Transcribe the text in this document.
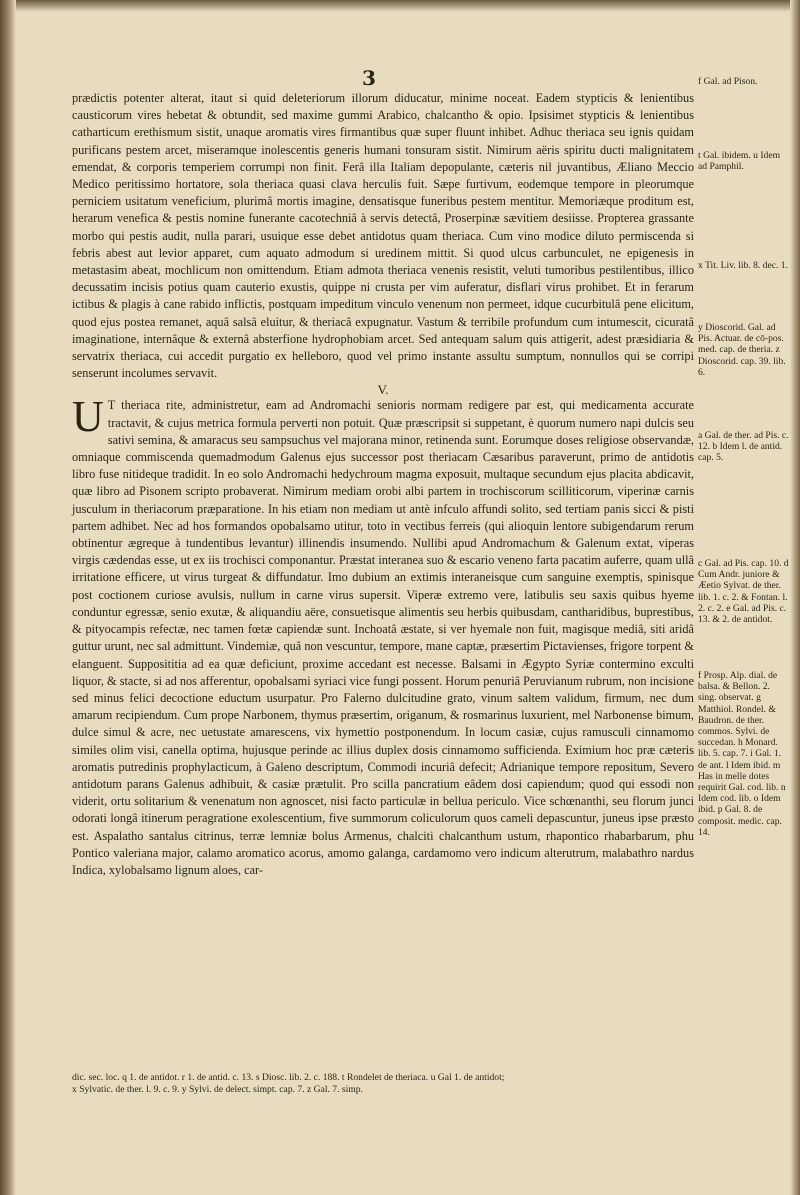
3

prædictis potenter alterat, itaut si quid deleteriorum illorum diducatur, minime noceat. Eadem stypticis & lenientibus causticorum vires hebetat & obtundit, sed maxime gummi Arabico, chalcantho & opio. Ipsisimet stypticis & lenientibus catharticum erethismum sistit, unaque aromatis vires firmantibus quæ super fluunt inhibet. Adhuc theriaca seu ignis quidam purificans pestem arcet, miseramque inolescentis generis humani tonsuram sistit. Nimirum aëris spiritu ducti malignitatem emendat, & corporis temperiem corrumpi non finit. Ferâ illa Italiam depopulante, cæteris nil juvantibus, Æliano Meccio Medico peritissimo hortatore, sola theriaca quasi clava herculis fuit. Sæpe furtivum, eodemque tempore in pleorumque perniciem usitatum veneficium, plurimâ mortis imagine, densatisque funeribus pestem mentitur. Memoriæque proditum est, herarum venefica & pestis nomine funerante cacotechniâ à servis detectâ, Proserpinæ sævitiem desiisse. Propterea grassante morbo qui pestis audit, nulla parari, usuique esse debet antidotus quam theriaca. Cum vino modice diluto permiscenda si febris abest aut levior apparet, cum aquato admodum si uredinem mittit. Si quod ulcus carbunculet, ne epigenesis in metastasim abeat, mochlicum non omittendum. Etiam admota theriaca venenis resistit, veluti tumoribus pestilentibus, illico decussatim incisis potius quam cauterio exustis, quippe ni crusta per vim auferatur, disflari virus prohibet. Et in ferarum ictibus & plagis à cane rabido inflictis, postquam impeditum vinculo venenum non permeet, idque cucurbitulâ pene elicitum, quod ejus postea remanet, aquâ salsâ eluitur, & theriacâ expugnatur. Vastum & terribile profundum cum intumescit, cicuratâ imaginatione, internâque & externâ absterfione hydrophobiam arcet. Sed antequam salum quis attigerit, adest præsidiaria & servatrix theriaca, cui accedit purgatio ex helleboro, quod vel primo instante assultu sumptum, nonnullos qui se corripi senserunt incolumes servavit.

V.

U T theriaca rite, administretur, eam ad Andromachi senioris normam redigere par est, qui medicamenta accurate tractavit, & cujus metrica formula perverti non potuit. Quæ præscripsit si suppetant, è quorum numero napi dulcis seu sativi semina, & amaracus seu sampsuchus vel majorana minor, retinenda sunt. Eorumque doses religiose observandæ, omniaque commiscenda quemadmodum Galenus ejus successor post theriacam Cæsaribus paraverunt, primo de antidotis libro fuse nitideque tradidit. In eo solo Andromachi hedychroum magma exposuit, multaque secundum ejus placita abdicavit, quæ libro ad Pisonem scripto probaverat. Nimirum mediam orobi albi partem in trochiscorum scilliticorum, viperinæ carnis jusculum in theriacorum præparatione. In his etiam non mediam ut antè infculo affundi solito, sed tertiam panis sicci & pisti partem adhibet. Nec ad hos formandos opobalsamo utitur, toto in vectibus ferreis (qui alioquin lentore subigendarum rerum obtinentur ægreque à tundentibus levantur) illinendis insumendo. Nullibi apud Andromachum & Galenum extat, viperas virgis cædendas esse, ut ex iis trochisci componantur. Præstat interanea suo & escario veneno farta pacatim auferre, quam ullâ irritatione efficere, ut virus turgeat & diffundatur. Imo dubium an extimis interaneisque cum sanguine exemptis, spinisque post coctionem curiose avulsis, nullum in carne virus supersit. Viperæ extremo vere, latibulis seu saxis quibus hyeme conduntur egressæ, senio exutæ, & aliquandiu aëre, consuetisque alimentis seu herbis quibusdam, cantharidibus, buprestibus, & pityocampis refectæ, nec tamen fœtæ capiendæ sunt. Inchoatâ æstate, si ver hyemale non fuit, magisque mediâ, siti aridâ guttur urunt, nec sal admittunt. Vindemiæ, quâ non vescuntur, tempore, mane captæ, præsertim Pictavienses, frigore torpent & elanguent. Supposititia ad ea quæ deficiunt, proxime accedant est necesse. Balsami in Ægypto Syriæ contermino exculti liquor, & stacte, si ad nos afferentur, opobalsami syriaci vice fungi possent. Horum penuriâ Peruvianum rubrum, non incisione sed minus felici decoctione eductum usurpatur. Pro Falerno dulcitudine grato, vinum saltem validum, firmum, nec dum amarum recipiendum. Cum prope Narbonem, thymus præsertim, origanum, & rosmarinus luxurient, mel Narbonense bimum, dulce simul & acre, nec uetustate amarescens, vix hymettio postponendum. In locum casiæ, cujus ramusculi cinnamomo similes olim visi, canella optima, hujusque perinde ac illius duplex dosis cinnamomo sufficienda. Eximium hoc præ cæteris aromatis putredinis prophylacticum, à Galeno descriptum, Commodi incuriâ defecit; Adrianique tempore repositum, Severo antidotum parans Galenus adhibuit, & casiæ prætulit. Pro scilla pancratium eâdem dosi capiendum; quod qui essodi non viderit, ortu solitarium & venenatum non agnoscet, nisi facto particulæ in bellua periculo. Vice schœnanthi, seu florum junci odorati longâ itinerum peragratione exolescentium, five summorum coliculorum quos cameli depascuntur, juneus ipse præsto est. Aspalatho santalus citrinus, terræ lemniæ bolus Armenus, chalciti chalcanthum ustum, rhapontico rhabarbarum, phu Pontico valeriana major, calamo aromatico acorus, amomo galanga, cardamomo vero indicum alterutrum, malabathro nardus Indica, xylobalsamo lignum aloes, car-

f Gal. ad Pison.
t Gal. ibidem. u Idem ad Pamphil.
x Tit. Liv. lib. 8. dec. 1.
y Dioscorid. Gal. ad Pis. Actuar. de cō-pos. med. cap. de theria. z Dioscorid. cap. 39. lib. 6.
a Gal. de ther. ad Pis. c. 12. b Idem l. de antid. cap. 5.
c Gal. ad Pis. cap. 10. d Cum Andr. juniore & Æetio Sylvat. de ther. lib. 1. c. 2. & Fontan. l. 2. c. 2. e Gal. ad Pis. c. 13. & 2. de antidot.
f Prosp. Alp. dial. de balsa. & Bellon. 2. sing. observat. g Matthiol. Rondel. & Baudron. de ther. commos. Sylvi. de succedan. h Monard. lib. 5. cap. 7. i Gal. 1. de ant. l Idem ibid. m Has in melle dotes requirit Gal. cod. lib. n Idem cod. lib. o Idem ibid. p Gal. 8. de composit. medic. cap. 14.
dic. sec. loc. q 1. de antidot. r 1. de antid. c. 13. s Diosc. lib. 2. c. 188. t Rondelet de theriaca. u Gal 1. de antidot;
x Sylvatic. de ther. l. 9. c. 9. y Sylvi. de delect. simpt. cap. 7. z Gal. 7. simp.
